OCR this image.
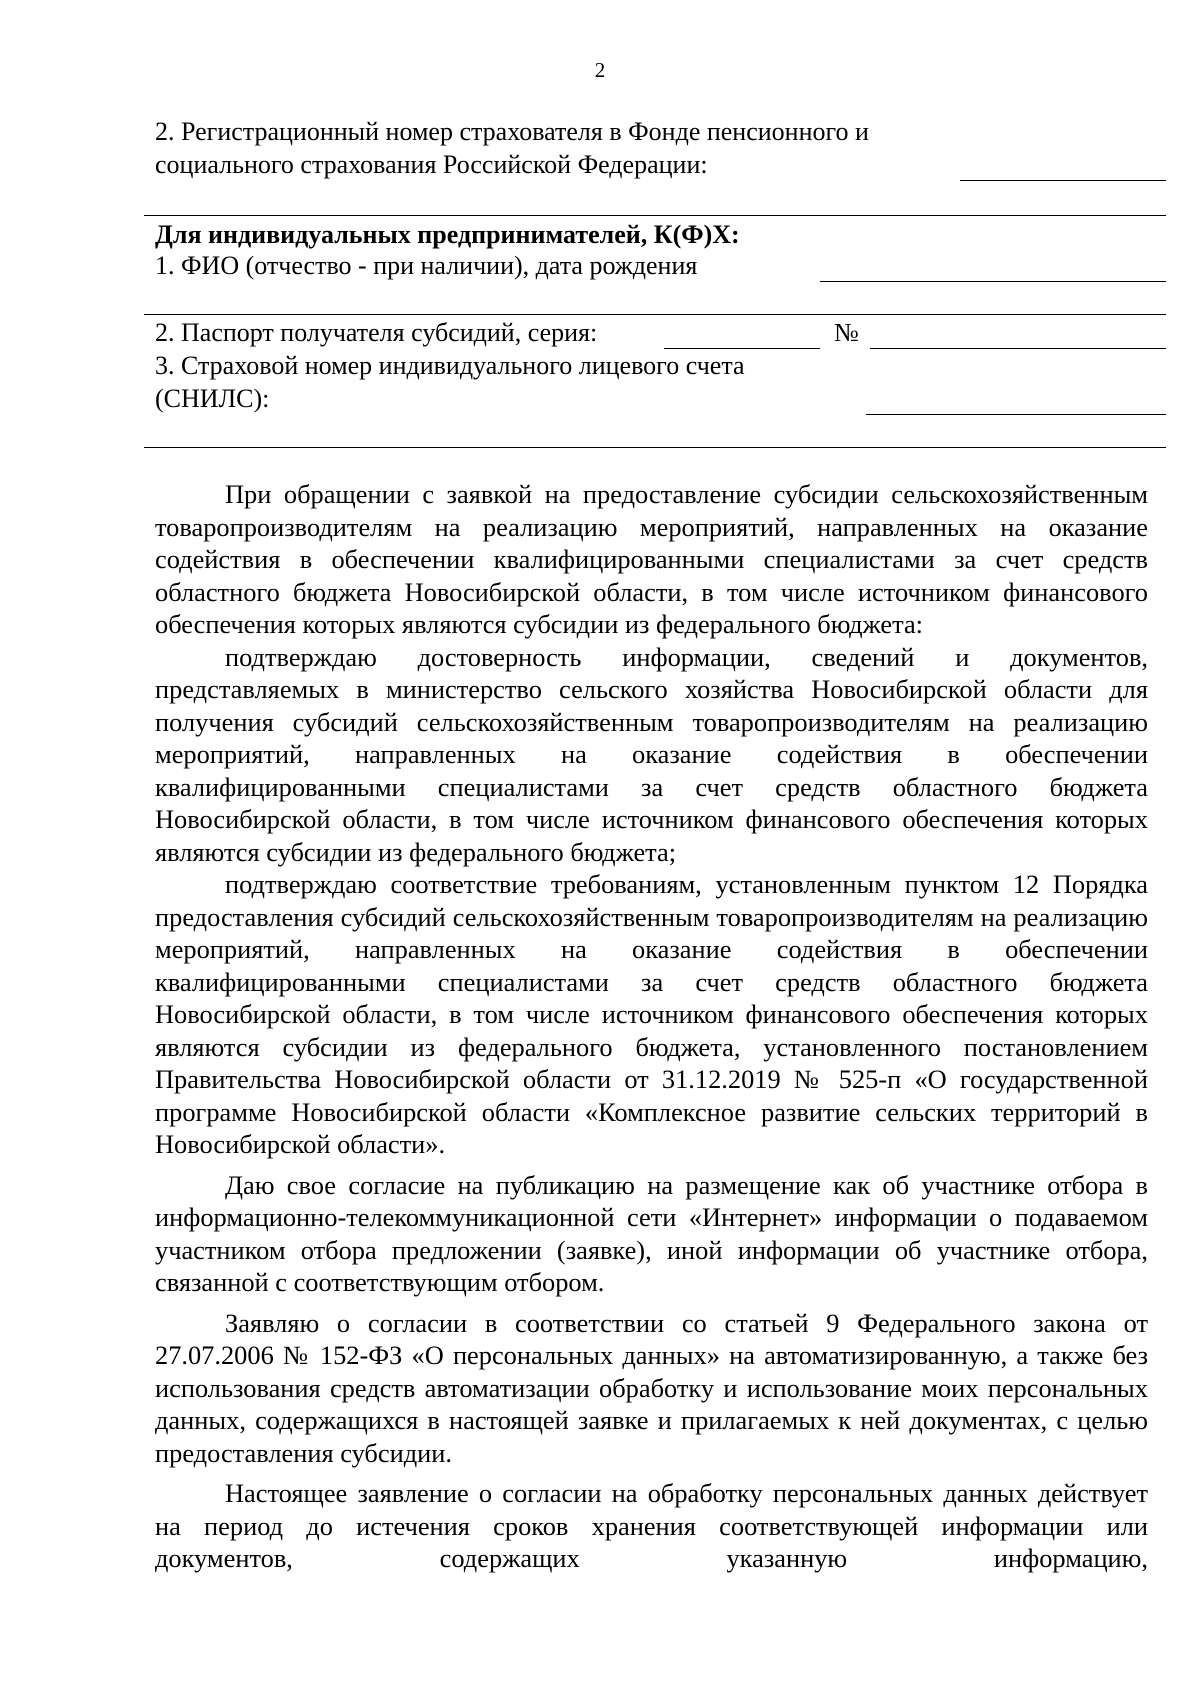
2
2. Регистрационный номер страхователя в Фонде пенсионного и
социального страхования Российской Федерации:
Для индивидуальных предпринимателей, К(Ф)Х:
1. ФИО (отчество - при наличии), дата рождения
2. Паспорт получателя субсидий, серия:	№
3. Страховой номер индивидуального лицевого счета
(СНИЛС):

При обращении с заявкой на предоставление субсидии сельскохозяйственным товаропроизводителям на реализацию мероприятий, направленных на оказание содействия в обеспечении квалифицированными специалистами за счет средств областного бюджета Новосибирской области, в том числе источником финансового обеспечения которых являются субсидии из федерального бюджета:

подтверждаю достоверность информации, сведений и документов, представляемых в министерство сельского хозяйства Новосибирской области для получения субсидий сельскохозяйственным товаропроизводителям на реализацию мероприятий, направленных на оказание содействия в обеспечении квалифицированными специалистами за счет средств областного бюджета Новосибирской области, в том числе источником финансового обеспечения которых являются субсидии из федерального бюджета;

подтверждаю соответствие требованиям, установленным пунктом 12 Порядка предоставления субсидий сельскохозяйственным товаропроизводителям на реализацию мероприятий, направленных на оказание содействия в обеспечении квалифицированными специалистами за счет средств областного бюджета Новосибирской области, в том числе источником финансового обеспечения которых являются субсидии из федерального бюджета, установленного постановлением Правительства Новосибирской области от 31.12.2019 № 525-п «О государственной программе Новосибирской области «Комплексное развитие сельских территорий в Новосибирской области».

Даю свое согласие на публикацию на размещение как об участнике отбора в информационно-телекоммуникационной сети «Интернет» информации о подаваемом участником отбора предложении (заявке), иной информации об участнике отбора, связанной с соответствующим отбором.

Заявляю о согласии в соответствии со статьей 9 Федерального закона от 27.07.2006 № 152-ФЗ «О персональных данных» на автоматизированную, а также без использования средств автоматизации обработку и использование моих персональных данных, содержащихся в настоящей заявке и прилагаемых к ней документах, с целью предоставления субсидии.

Настоящее заявление о согласии на обработку персональных данных действует на период до истечения сроков хранения соответствующей информации или документов, содержащих указанную информацию,
